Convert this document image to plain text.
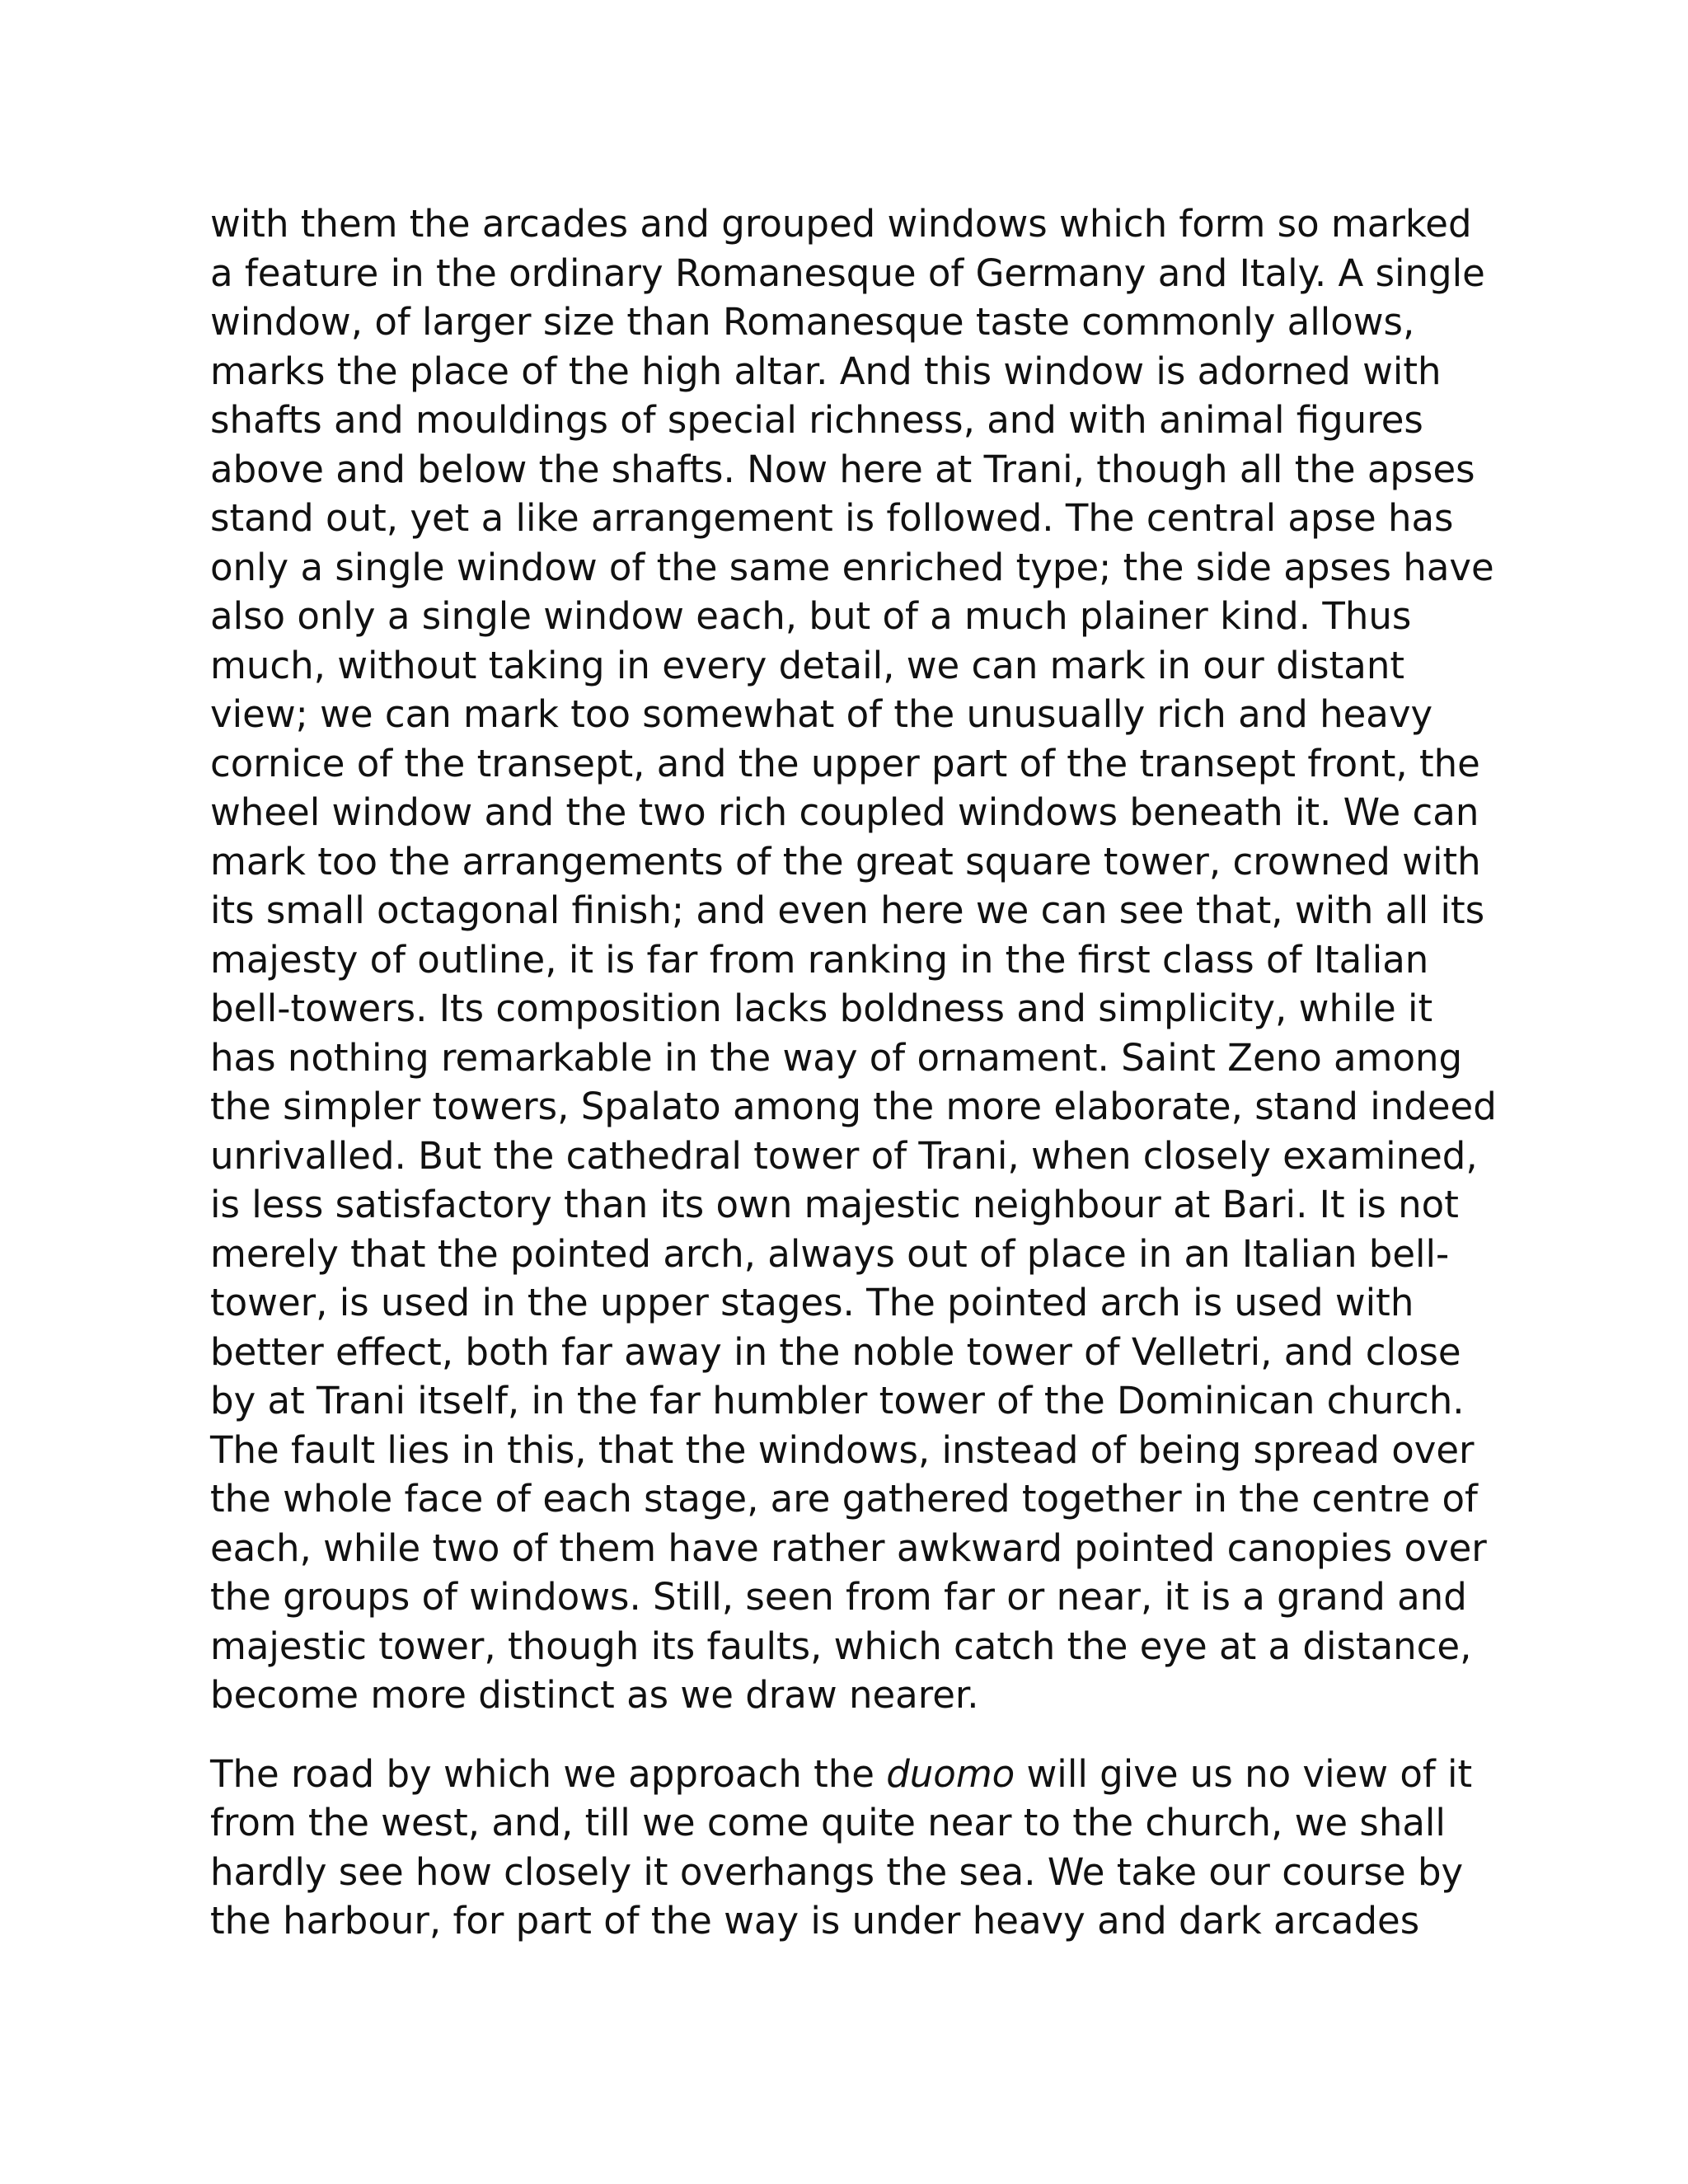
with them the arcades and grouped windows which form so marked
a feature in the ordinary Romanesque of Germany and Italy. A single
window, of larger size than Romanesque taste commonly allows,
marks the place of the high altar. And this window is adorned with
shafts and mouldings of special richness, and with animal figures
above and below the shafts. Now here at Trani, though all the apses
stand out, yet a like arrangement is followed. The central apse has
only a single window of the same enriched type; the side apses have
also only a single window each, but of a much plainer kind. Thus
much, without taking in every detail, we can mark in our distant
view; we can mark too somewhat of the unusually rich and heavy
cornice of the transept, and the upper part of the transept front, the
wheel window and the two rich coupled windows beneath it. We can
mark too the arrangements of the great square tower, crowned with
its small octagonal finish; and even here we can see that, with all its
majesty of outline, it is far from ranking in the first class of Italian
bell-towers. Its composition lacks boldness and simplicity, while it
has nothing remarkable in the way of ornament. Saint Zeno among
the simpler towers, Spalato among the more elaborate, stand indeed
unrivalled. But the cathedral tower of Trani, when closely examined,
is less satisfactory than its own majestic neighbour at Bari. It is not
merely that the pointed arch, always out of place in an Italian bell-
tower, is used in the upper stages. The pointed arch is used with
better effect, both far away in the noble tower of Velletri, and close
by at Trani itself, in the far humbler tower of the Dominican church.
The fault lies in this, that the windows, instead of being spread over
the whole face of each stage, are gathered together in the centre of
each, while two of them have rather awkward pointed canopies over
the groups of windows. Still, seen from far or near, it is a grand and
majestic tower, though its faults, which catch the eye at a distance,
become more distinct as we draw nearer.
The road by which we approach the duomo will give us no view of it
from the west, and, till we come quite near to the church, we shall
hardly see how closely it overhangs the sea. We take our course by
the harbour, for part of the way is under heavy and dark arcades
